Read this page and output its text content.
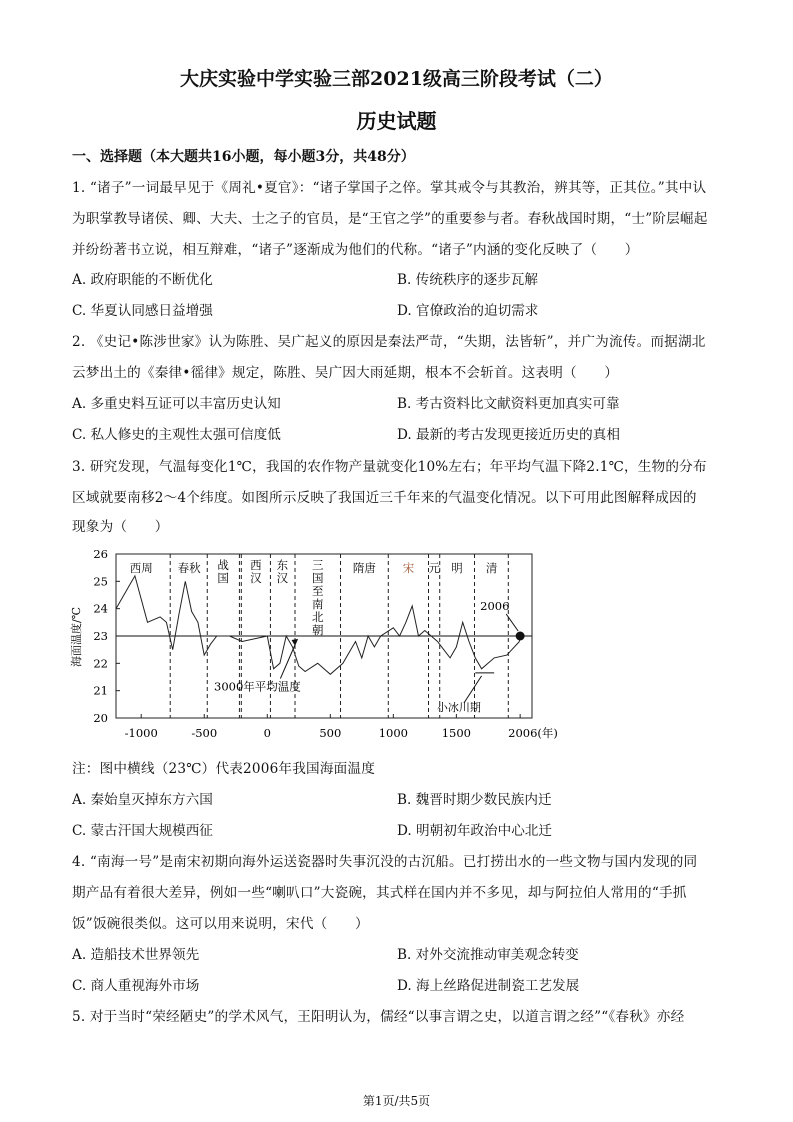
大庆实验中学实验三部2021级高三阶段考试（二）
历史试题
一、选择题（本大题共16小题，每小题3分，共48分）
1. “诸子”一词最早见于《周礼•夏官》：“诸子掌国子之倅。掌其戒令与其教治，辨其等，正其位。”其中认
为职掌教导诸侯、卿、大夫、士之子的官员，是“王官之学”的重要参与者。春秋战国时期，“士”阶层崛起
并纷纷著书立说，相互辩难，“诸子”逐渐成为他们的代称。“诸子”内涵的变化反映了（　　）
A. 政府职能的不断优化	B. 传统秩序的逐步瓦解
C. 华夏认同感日益增强	D. 官僚政治的迫切需求
2. 《史记•陈涉世家》认为陈胜、吴广起义的原因是秦法严苛，“失期，法皆斩”，并广为流传。而据湖北
云梦出土的《秦律•徭律》规定，陈胜、吴广因大雨延期，根本不会斩首。这表明（　　）
A. 多重史料互证可以丰富历史认知	B. 考古资料比文献资料更加真实可靠
C. 私人修史的主观性太强可信度低	D. 最新的考古发现更接近历史的真相
3. 研究发现，气温每变化1℃，我国的农作物产量就变化10%左右；年平均气温下降2.1℃，生物的分布
区域就要南移2～4个纬度。如图所示反映了我国近三千年来的气温变化情况。以下可用此图解释成因的
现象为（　　）
20
21
22
23
24
25
26
-1000	-500	0	500	1000	1500	2006(年)
2006
3000年平均温度
小冰川期
西周 春秋 战
国
西
汉
东
汉
三
国
至
南
北
朝
隋唐 宋 元 明 清
海面温度/℃
注：图中横线（23℃）代表2006年我国海面温度
A. 秦始皇灭掉东方六国	B. 魏晋时期少数民族内迁
C. 蒙古汗国大规模西征	D. 明朝初年政治中心北迁
4. “南海一号”是南宋初期向海外运送瓷器时失事沉没的古沉船。已打捞出水的一些文物与国内发现的同
期产品有着很大差异，例如一些“喇叭口”大瓷碗，其式样在国内并不多见，却与阿拉伯人常用的“手抓
饭”饭碗很类似。这可以用来说明，宋代（　　）
A. 造船技术世界领先	B. 对外交流推动审美观念转变
C. 商人重视海外市场	D. 海上丝路促进制瓷工艺发展
5. 对于当时“荣经陋史”的学术风气，王阳明认为，儒经“以事言谓之史，以道言谓之经”“《春秋》亦经
第1页/共5页
